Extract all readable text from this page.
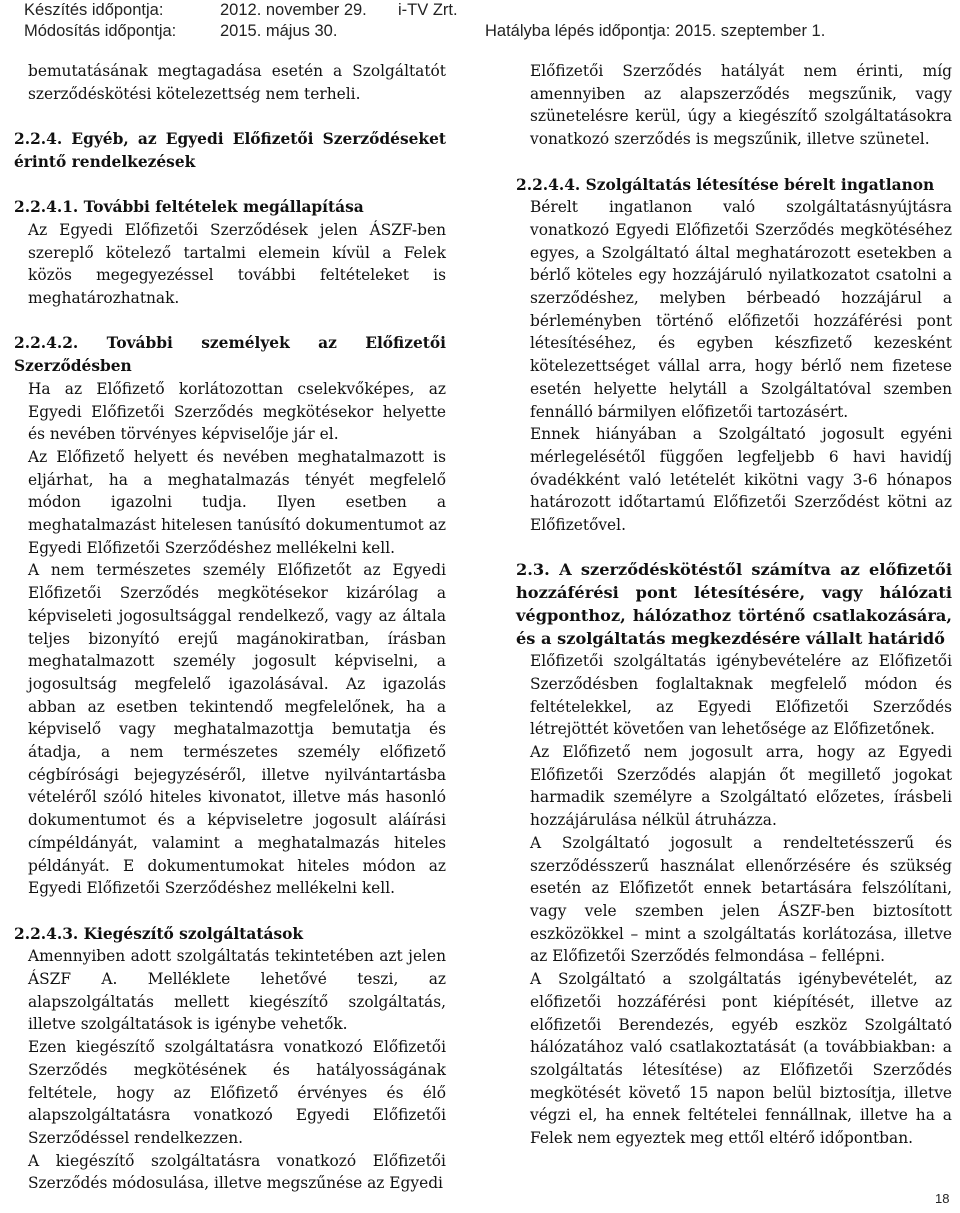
Készítés időpontja:	2012. november 29. i-TV Zrt.
Módosítás időpontja:	2015. május 30.	Hatályba lépés időpontja: 2015. szeptember 1.

bemutatásának megtagadása esetén a Szolgáltatót szerződéskötési kötelezettség nem terheli.

2.2.4. Egyéb, az Egyedi Előfizetői Szerződéseket érintő rendelkezések

2.2.4.1. További feltételek megállapítása

Az Egyedi Előfizetői Szerződések jelen ÁSZF-ben szereplő kötelező tartalmi elemein kívül a Felek közös megegyezéssel további feltételeket is meghatározhatnak.

2.2.4.2. További személyek az Előfizetői Szerződésben

Ha az Előfizető korlátozottan cselekvőképes, az Egyedi Előfizetői Szerződés megkötésekor helyette és nevében törvényes képviselője jár el.

Az Előfizető helyett és nevében meghatalmazott is eljárhat, ha a meghatalmazás tényét megfelelő módon igazolni tudja. Ilyen esetben a meghatalmazást hitelesen tanúsító dokumentumot az Egyedi Előfizetői Szerződéshez mellékelni kell.

A nem természetes személy Előfizetőt az Egyedi Előfizetői Szerződés megkötésekor kizárólag a képviseleti jogosultsággal rendelkező, vagy az általa teljes bizonyító erejű magánokiratban, írásban meghatalmazott személy jogosult képviselni, a jogosultság megfelelő igazolásával. Az igazolás abban az esetben tekintendő megfelelőnek, ha a képviselő vagy meghatalmazottja bemutatja és átadja, a nem természetes személy előfizető cégbírósági bejegyzéséről, illetve nyilvántartásba vételéről szóló hiteles kivonatot, illetve más hasonló dokumentumot és a képviseletre jogosult aláírási címpéldányát, valamint a meghatalmazás hiteles példányát. E dokumentumokat hiteles módon az Egyedi Előfizetői Szerződéshez mellékelni kell.

2.2.4.3. Kiegészítő szolgáltatások

Amennyiben adott szolgáltatás tekintetében azt jelen ÁSZF A. Melléklete lehetővé teszi, az alapszolgáltatás mellett kiegészítő szolgáltatás, illetve szolgáltatások is igénybe vehetők.

Ezen kiegészítő szolgáltatásra vonatkozó Előfizetői Szerződés megkötésének és hatályosságának feltétele, hogy az Előfizető érvényes és élő alapszolgáltatásra vonatkozó Egyedi Előfizetői Szerződéssel rendelkezzen.

A kiegészítő szolgáltatásra vonatkozó Előfizetői Szerződés módosulása, illetve megszűnése az Egyedi

Előfizetői Szerződés hatályát nem érinti, míg amennyiben az alapszerződés megszűnik, vagy szünetelésre kerül, úgy a kiegészítő szolgáltatásokra vonatkozó szerződés is megszűnik, illetve szünetel.

2.2.4.4. Szolgáltatás létesítése bérelt ingatlanon

Bérelt ingatlanon való szolgáltatásnyújtásra vonatkozó Egyedi Előfizetői Szerződés megkötéséhez egyes, a Szolgáltató által meghatározott esetekben a bérlő köteles egy hozzájáruló nyilatkozatot csatolni a szerződéshez, melyben bérbeadó hozzájárul a bérleményben történő előfizetői hozzáférési pont létesítéséhez, és egyben készfizető kezesként kötelezettséget vállal arra, hogy bérlő nem fizetese esetén helyette helytáll a Szolgáltatóval szemben fennálló bármilyen előfizetői tartozásért.

Ennek hiányában a Szolgáltató jogosult egyéni mérlegelésétől függően legfeljebb 6 havi havidíj óvadékként való letételét kikötni vagy 3-6 hónapos határozott időtartamú Előfizetői Szerződést kötni az Előfizetővel.

2.3. A szerződéskötéstől számítva az előfizetői hozzáférési pont létesítésére, vagy hálózati végponthoz, hálózathoz történő csatlakozására, és a szolgáltatás megkezdésére vállalt határidő

Előfizetői szolgáltatás igénybevételére az Előfizetői Szerződésben foglaltaknak megfelelő módon és feltételekkel, az Egyedi Előfizetői Szerződés létrejöttét követően van lehetősége az Előfizetőnek.

Az Előfizető nem jogosult arra, hogy az Egyedi Előfizetői Szerződés alapján őt megillető jogokat harmadik személyre a Szolgáltató előzetes, írásbeli hozzájárulása nélkül átruházza.

A Szolgáltató jogosult a rendeltetésszerű és szerződésszerű használat ellenőrzésére és szükség esetén az Előfizetőt ennek betartására felszólítani, vagy vele szemben jelen ÁSZF-ben biztosított eszközökkel – mint a szolgáltatás korlátozása, illetve az Előfizetői Szerződés felmondása – fellépni.

A Szolgáltató a szolgáltatás igénybevételét, az előfizetői hozzáférési pont kiépítését, illetve az előfizetői Berendezés, egyéb eszköz Szolgáltató hálózatához való csatlakoztatását (a továbbiakban: a szolgáltatás létesítése) az Előfizetői Szerződés megkötését követő 15 napon belül biztosítja, illetve végzi el, ha ennek feltételei fennállnak, illetve ha a Felek nem egyeztek meg ettől eltérő időpontban.

18
